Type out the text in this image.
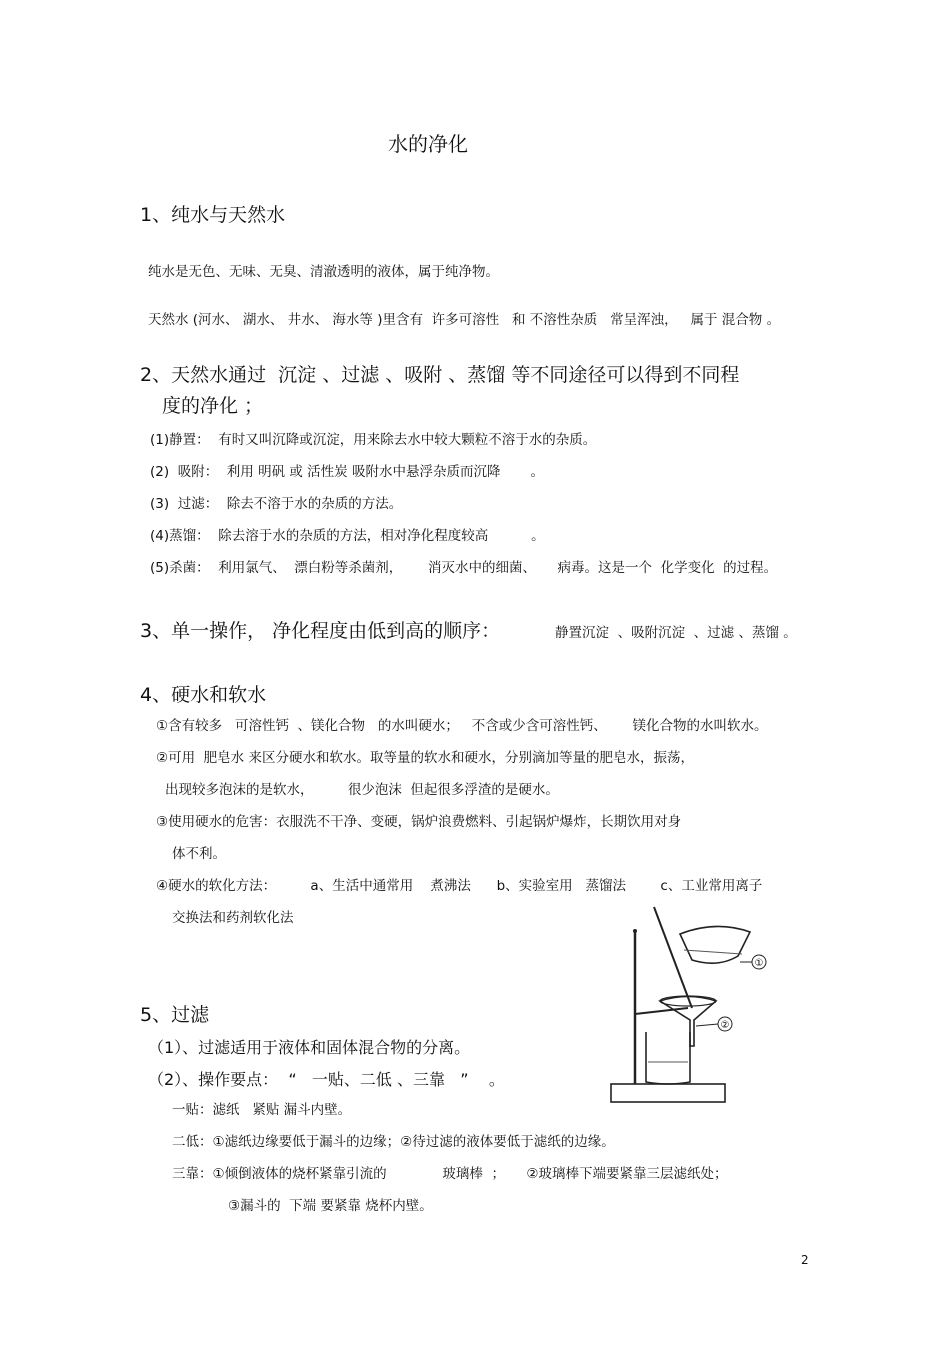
水的净化
1、纯水与天然水
纯水是无色、无味、无臭、清澈透明的液体，属于纯净物。
天然水 (河水、 湖水、 井水、 海水等 )里含有  许多可溶性   和 不溶性杂质   常呈浑浊，   属于 混合物 。
2、天然水通过  沉淀 、过滤 、吸附 、蒸馏 等不同途径可以得到不同程
度的净化 ；
(1)静置：  有时又叫沉降或沉淀，用来除去水中较大颗粒不溶于水的杂质。
(2)  吸附：  利用 明矾 或 活性炭 吸附水中悬浮杂质而沉降       。
(3)  过滤：  除去不溶于水的杂质的方法。
(4)蒸馏：  除去溶于水的杂质的方法，相对净化程度较高          。
(5)杀菌：  利用氯气、  漂白粉等杀菌剂，      消灭水中的细菌、     病毒。这是一个  化学变化  的过程。
3、单一操作， 净化程度由低到高的顺序：	静置沉淀  、吸附沉淀  、过滤 、蒸馏 。
4、硬水和软水
①含有较多   可溶性钙  、镁化合物   的水叫硬水；   不含或少含可溶性钙、      镁化合物的水叫软水。
②可用  肥皂水 来区分硬水和软水。取等量的软水和硬水，分别滴加等量的肥皂水，振荡，
出现较多泡沫的是软水，        很少泡沫  但起很多浮渣的是硬水。
③使用硬水的危害：衣服洗不干净、变硬，锅炉浪费燃料、引起锅炉爆炸，长期饮用对身
体不利。
④硬水的软化方法：        a、生活中通常用    煮沸法      b、实验室用   蒸馏法        c、工业常用离子
交换法和药剂软化法
①
②
5、过滤
（1）、过滤适用于液体和固体混合物的分离。
（2）、操作要点：  “   一贴、二低 、三靠   ”    。
一贴：滤纸   紧贴 漏斗内壁。
二低：①滤纸边缘要低于漏斗的边缘；②待过滤的液体要低于滤纸的边缘。
三靠：①倾倒液体的烧杯紧靠引流的             玻璃棒  ；     ②玻璃棒下端要紧靠三层滤纸处；
③漏斗的  下端 要紧靠 烧杯内壁。
2
